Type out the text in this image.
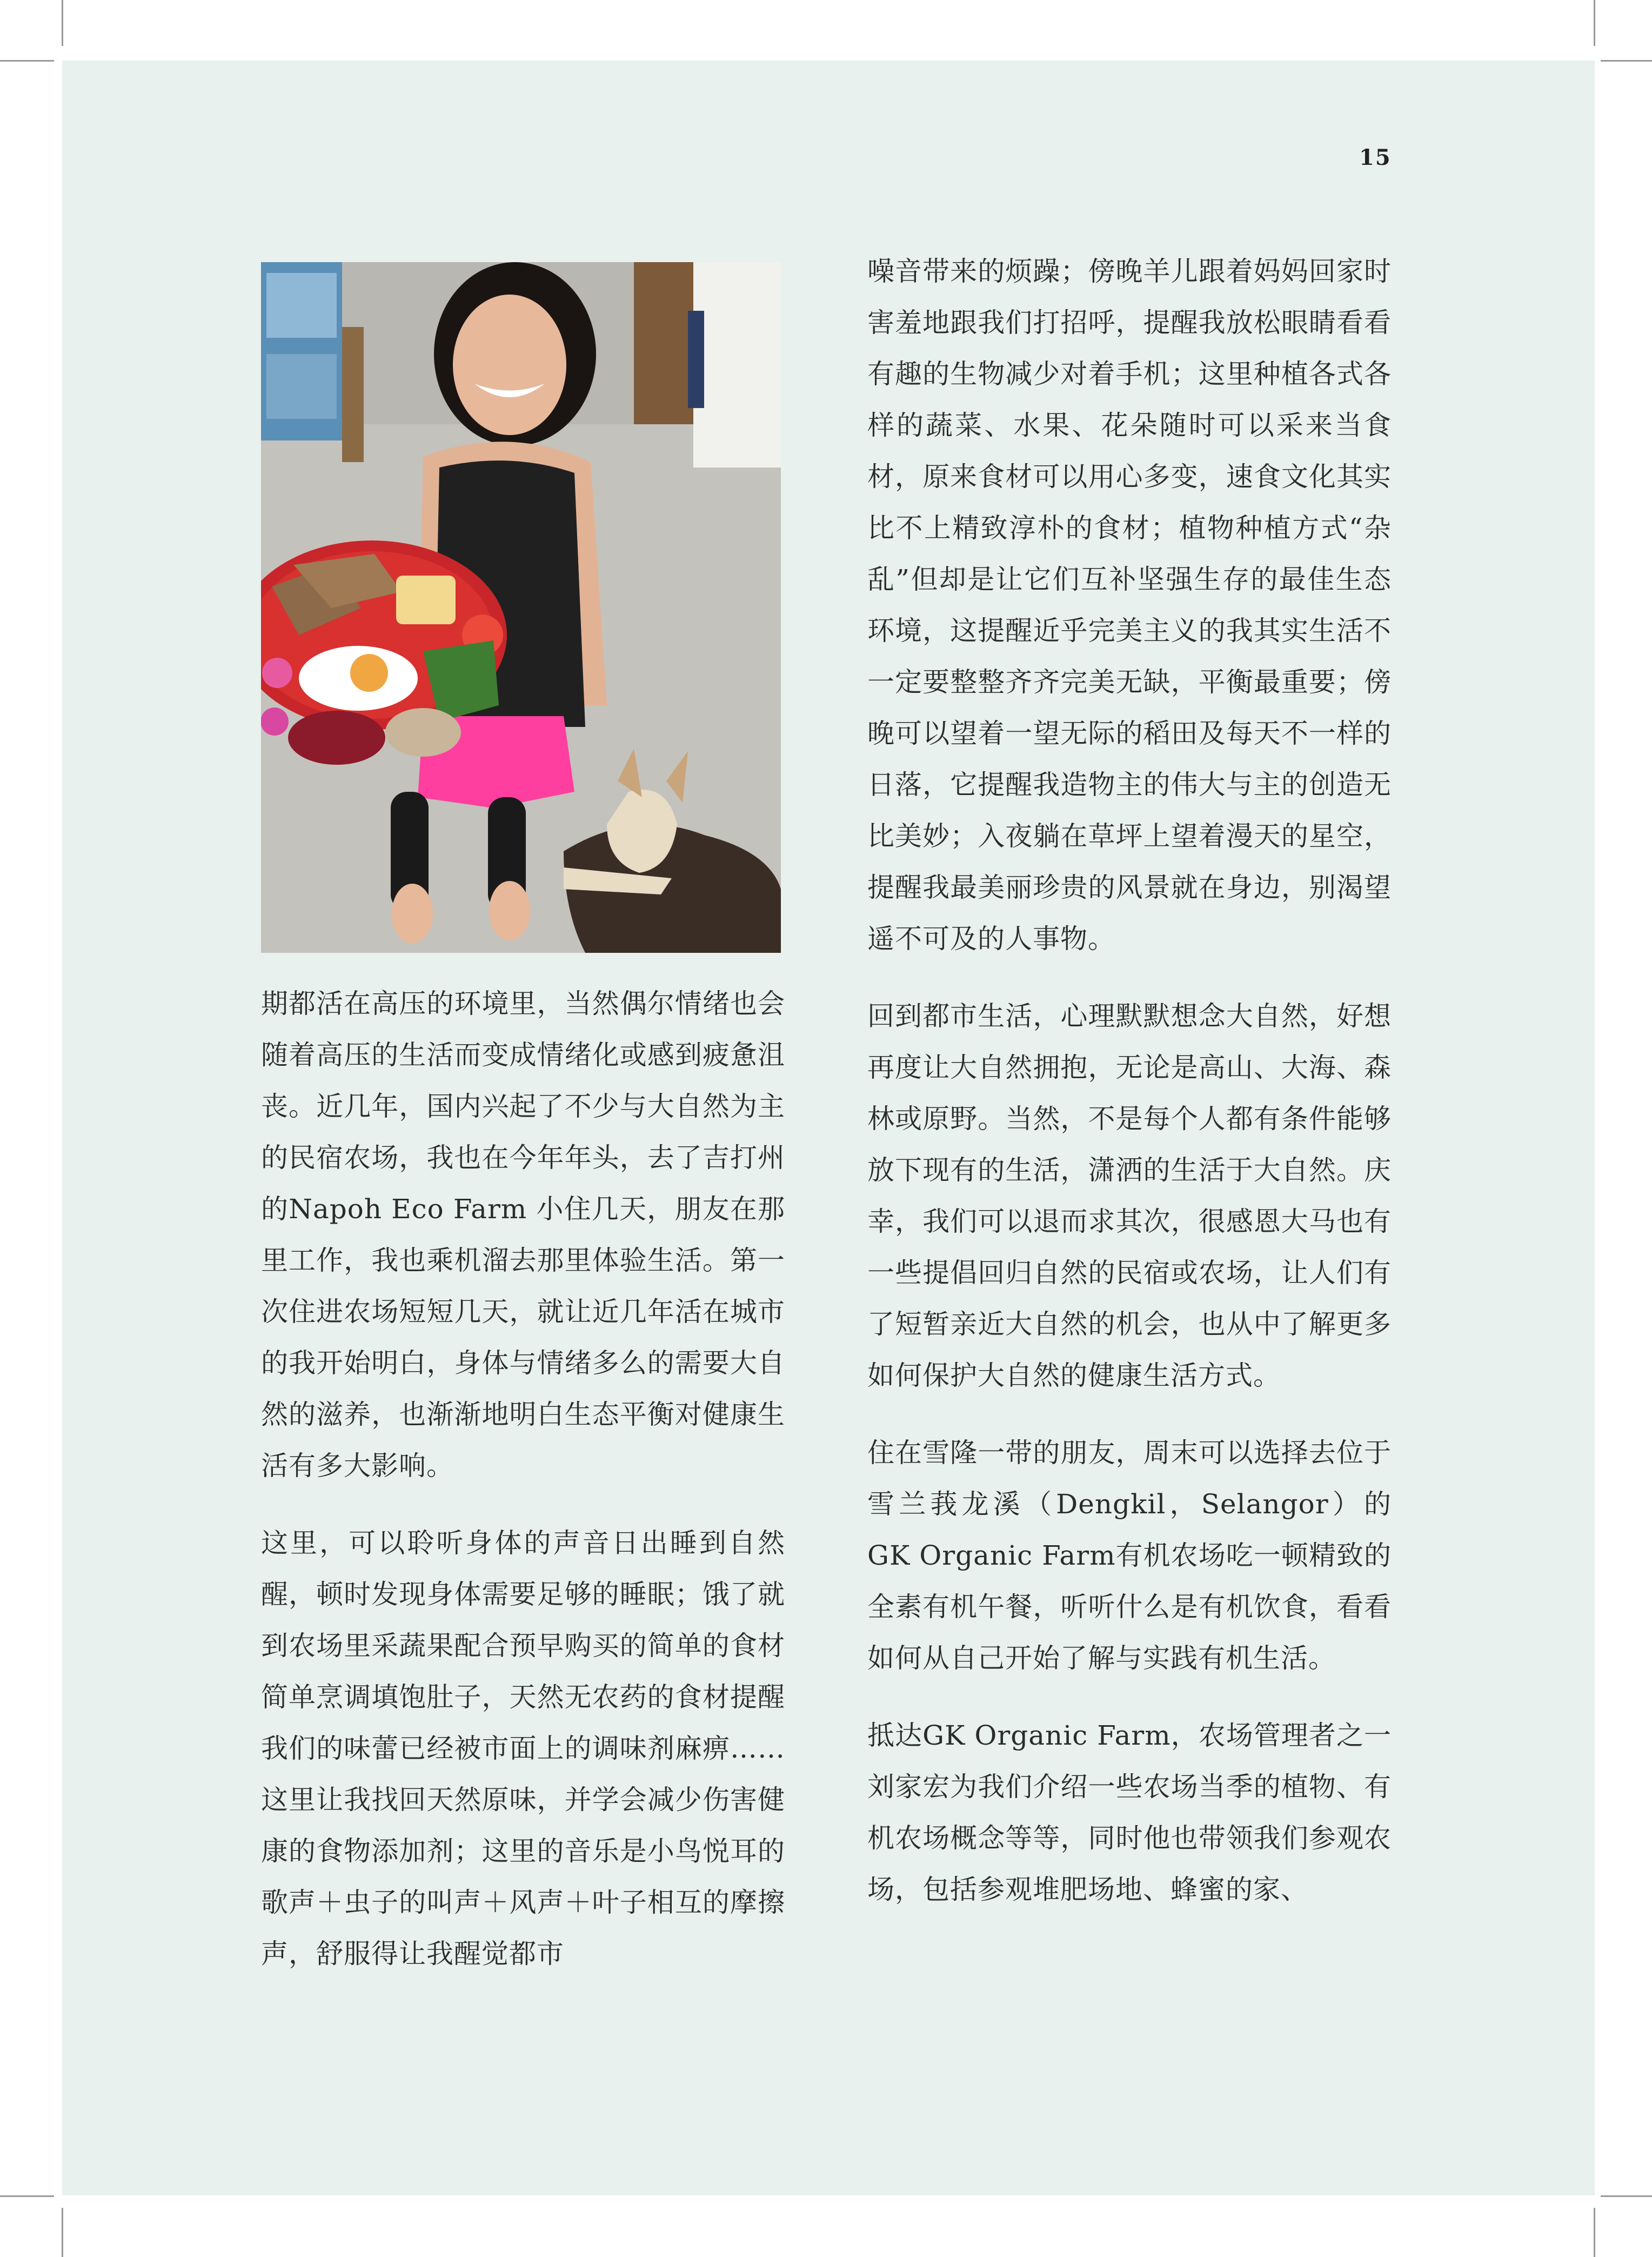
15

期都活在高压的环境里，当然偶尔情绪也会随着高压的生活而变成情绪化或感到疲惫沮丧。近几年，国内兴起了不少与大自然为主的民宿农场，我也在今年年头，去了吉打州的Napoh Eco Farm 小住几天，朋友在那里工作，我也乘机溜去那里体验生活。第一次住进农场短短几天，就让近几年活在城市的我开始明白，身体与情绪多么的需要大自然的滋养，也渐渐地明白生态平衡对健康生活有多大影响。

这里，可以聆听身体的声音日出睡到自然醒，顿时发现身体需要足够的睡眠；饿了就到农场里采蔬果配合预早购买的简单的食材简单烹调填饱肚子，天然无农药的食材提醒我们的味蕾已经被市面上的调味剂麻痹……这里让我找回天然原味，并学会减少伤害健康的食物添加剂；这里的音乐是小鸟悦耳的歌声＋虫子的叫声＋风声＋叶子相互的摩擦声，舒服得让我醒觉都市

噪音带来的烦躁；傍晚羊儿跟着妈妈回家时害羞地跟我们打招呼，提醒我放松眼睛看看有趣的生物减少对着手机；这里种植各式各样的蔬菜、水果、花朵随时可以采来当食材，原来食材可以用心多变，速食文化其实比不上精致淳朴的食材；植物种植方式“杂乱”但却是让它们互补坚强生存的最佳生态环境，这提醒近乎完美主义的我其实生活不一定要整整齐齐完美无缺，平衡最重要；傍晚可以望着一望无际的稻田及每天不一样的日落，它提醒我造物主的伟大与主的创造无比美妙；入夜躺在草坪上望着漫天的星空，提醒我最美丽珍贵的风景就在身边，别渴望遥不可及的人事物。

回到都市生活，心理默默想念大自然，好想再度让大自然拥抱，无论是高山、大海、森林或原野。当然，不是每个人都有条件能够放下现有的生活，潇洒的生活于大自然。庆幸，我们可以退而求其次，很感恩大马也有一些提倡回归自然的民宿或农场，让人们有了短暂亲近大自然的机会，也从中了解更多如何保护大自然的健康生活方式。

住在雪隆一带的朋友，周末可以选择去位于雪兰莪龙溪（Dengkil，Selangor）的GK Organic Farm有机农场吃一顿精致的全素有机午餐，听听什么是有机饮食，看看如何从自己开始了解与实践有机生活。

抵达GK Organic Farm，农场管理者之一刘家宏为我们介绍一些农场当季的植物、有机农场概念等等，同时他也带领我们参观农场，包括参观堆肥场地、蜂蜜的家、
